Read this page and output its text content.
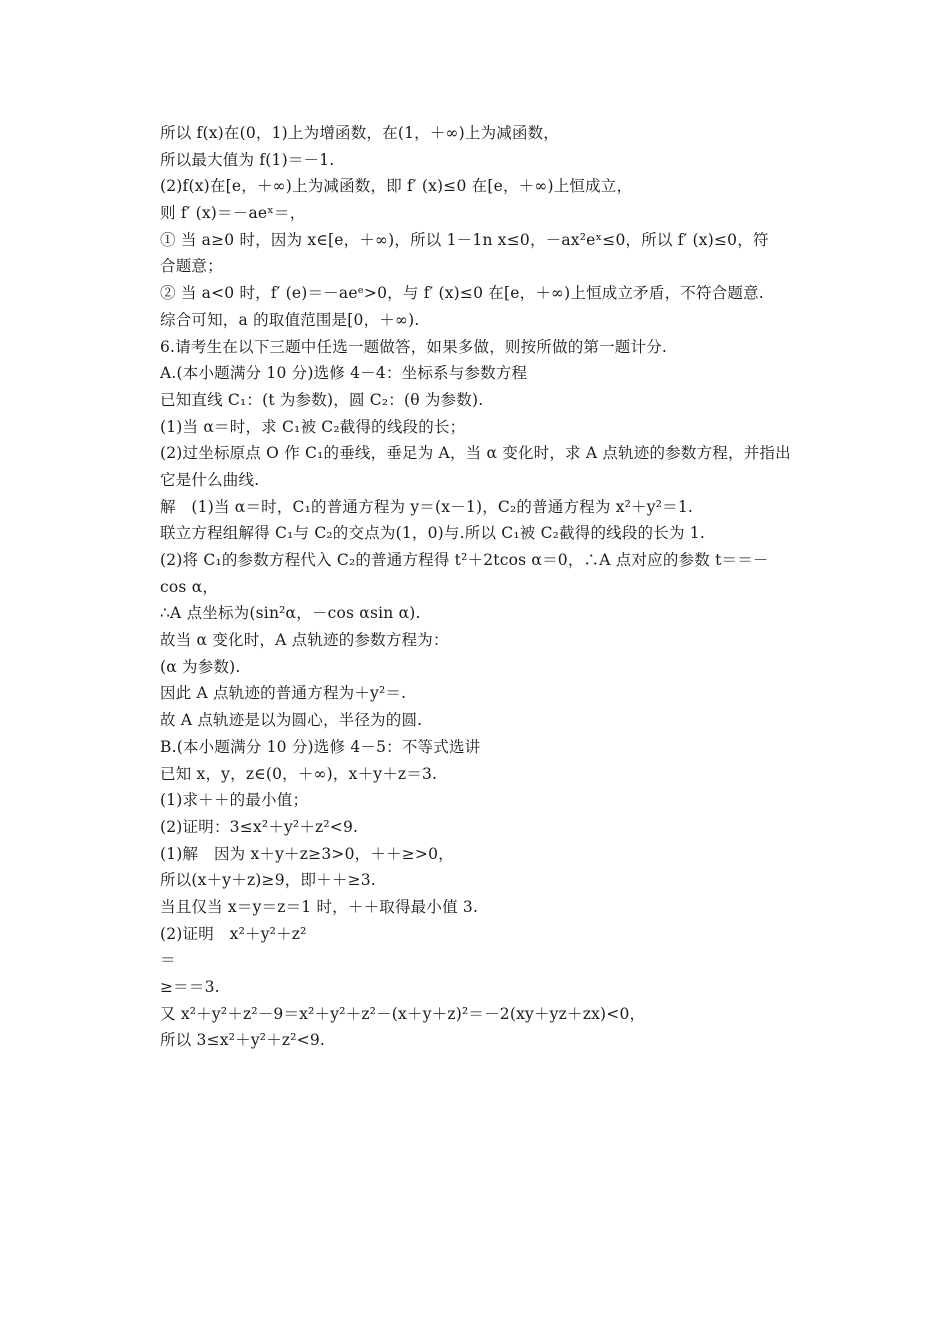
所以 f(x)在(0，1)上为增函数，在(1，＋∞)上为减函数，
所以最大值为 f(1)＝－1.
(2)f(x)在[e，＋∞)上为减函数，即 f′ (x)≤0 在[e，＋∞)上恒成立，
则 f′ (x)＝－aeˣ＝，
① 当 a≥0 时，因为 x∈[e，＋∞)，所以 1－1n x≤0，－ax²eˣ≤0，所以 f′ (x)≤0，符
合题意；
② 当 a<0 时，f′ (e)＝－aeᵉ>0，与 f′ (x)≤0 在[e，＋∞)上恒成立矛盾，不符合题意.
综合可知，a 的取值范围是[0，＋∞).
6.请考生在以下三题中任选一题做答，如果多做，则按所做的第一题计分.
A.(本小题满分 10 分)选修 4－4：坐标系与参数方程
已知直线 C₁：(t 为参数)，圆 C₂：(θ 为参数).
(1)当 α＝时，求 C₁被 C₂截得的线段的长；
(2)过坐标原点 O 作 C₁的垂线，垂足为 A，当 α 变化时，求 A 点轨迹的参数方程，并指出
它是什么曲线.
解　(1)当 α＝时，C₁的普通方程为 y＝(x－1)，C₂的普通方程为 x²＋y²＝1.
联立方程组解得 C₁与 C₂的交点为(1，0)与.所以 C₁被 C₂截得的线段的长为 1.
(2)将 C₁的参数方程代入 C₂的普通方程得 t²＋2tcos α＝0，∴A 点对应的参数 t＝＝－
cos α，
∴A 点坐标为(sin²α，－cos αsin α).
故当 α 变化时，A 点轨迹的参数方程为：
(α 为参数).
因此 A 点轨迹的普通方程为＋y²＝.
故 A 点轨迹是以为圆心，半径为的圆.
B.(本小题满分 10 分)选修 4－5：不等式选讲
已知 x，y，z∈(0，＋∞)，x＋y＋z＝3.
(1)求＋＋的最小值；
(2)证明：3≤x²＋y²＋z²<9.
(1)解　因为 x＋y＋z≥3>0，＋＋≥>0，
所以(x＋y＋z)≥9，即＋＋≥3.
当且仅当 x＝y＝z＝1 时，＋＋取得最小值 3.
(2)证明　x²＋y²＋z²
＝
≥＝＝3.
又 x²＋y²＋z²－9＝x²＋y²＋z²－(x＋y＋z)²＝－2(xy＋yz＋zx)<0，
所以 3≤x²＋y²＋z²<9.
